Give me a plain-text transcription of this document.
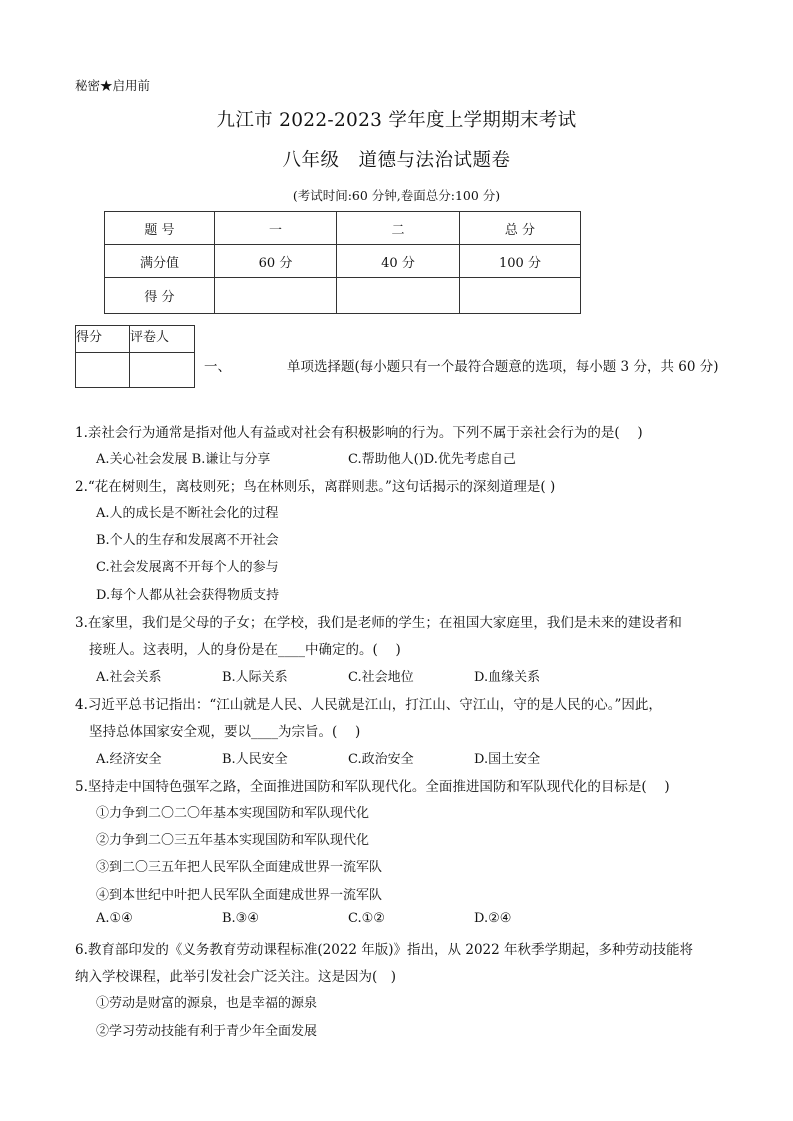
秘密★启用前
九江市 2022-2023 学年度上学期期末考试
八年级　道德与法治试题卷
(考试时间:60 分钟,卷面总分:100 分)
题 号	一	二	总 分
满分值	60 分	40 分	100 分
得 分			
得分	评卷人

一、	单项选择题(每小题只有一个最符合题意的选项，每小题 3 分，共 60 分)
1.亲社会行为通常是指对他人有益或对社会有积极影响的行为。下列不属于亲社会行为的是(　 )
A.关心社会发展 B.谦让与分享	C.帮助他人()D.优先考虑自己
2.“花在树则生，离枝则死；鸟在林则乐，离群则悲。”这句话揭示的深刻道理是( )
A.人的成长是不断社会化的过程
B.个人的生存和发展离不开社会
C.社会发展离不开每个人的参与
D.每个人都从社会获得物质支持
3.在家里，我们是父母的子女；在学校，我们是老师的学生；在祖国大家庭里，我们是未来的建设者和
接班人。这表明，人的身份是在____中确定的。(　 )
A.社会关系	B.人际关系	C.社会地位	D.血缘关系
4.习近平总书记指出：“江山就是人民、人民就是江山，打江山、守江山，守的是人民的心。”因此，
坚持总体国家安全观，要以____为宗旨。(　 )
A.经济安全	B.人民安全	C.政治安全	D.国土安全
5.坚持走中国特色强军之路，全面推进国防和军队现代化。全面推进国防和军队现代化的目标是(　 )
①力争到二〇二〇年基本实现国防和军队现代化
②力争到二〇三五年基本实现国防和军队现代化
③到二〇三五年把人民军队全面建成世界一流军队
④到本世纪中叶把人民军队全面建成世界一流军队
A.①④	B.③④	C.①②	D.②④
6.教育部印发的《义务教育劳动课程标准(2022 年版)》指出，从 2022 年秋季学期起，多种劳动技能将
纳入学校课程，此举引发社会广泛关注。这是因为(　)
①劳动是财富的源泉，也是幸福的源泉
②学习劳动技能有利于青少年全面发展
